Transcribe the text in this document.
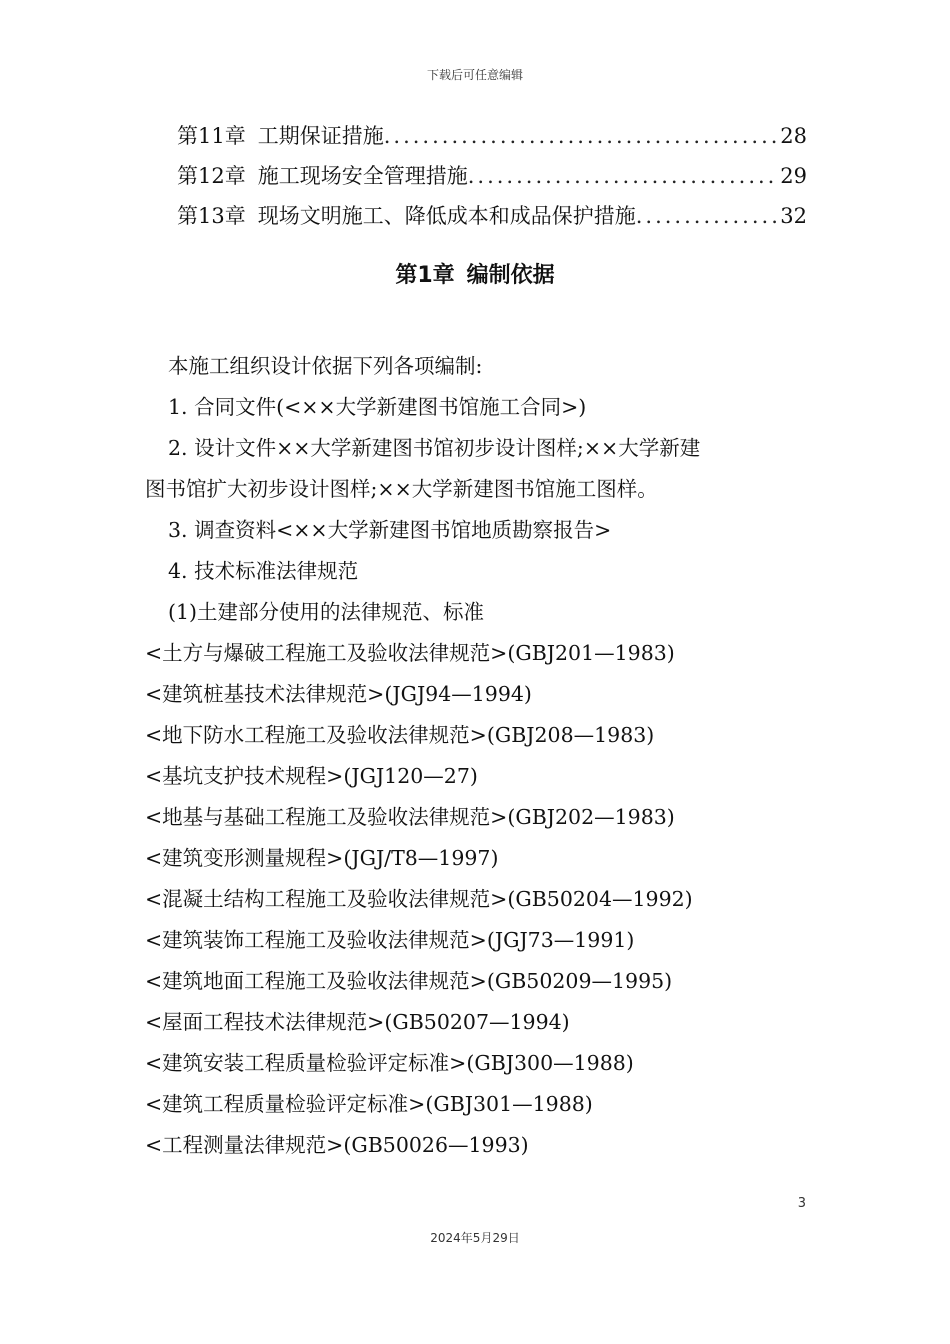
下载后可任意编辑
第11章 工期保证措施 .....	28
第12章 施工现场安全管理措施 .....	29
第13章 现场文明施工、降低成本和成品保护措施 .....	32
第1章 编制依据
本施工组织设计依据下列各项编制:
1. 合同文件(<××大学新建图书馆施工合同>)
2. 设计文件××大学新建图书馆初步设计图样;××大学新建
图书馆扩大初步设计图样;××大学新建图书馆施工图样。
3. 调查资料<××大学新建图书馆地质勘察报告>
4. 技术标准法律规范
(1)土建部分使用的法律规范、标准
<土方与爆破工程施工及验收法律规范>(GBJ201—1983)
<建筑桩基技术法律规范>(JGJ94—1994)
<地下防水工程施工及验收法律规范>(GBJ208—1983)
<基坑支护技术规程>(JGJ120—27)
<地基与基础工程施工及验收法律规范>(GBJ202—1983)
<建筑变形测量规程>(JGJ/T8—1997)
<混凝土结构工程施工及验收法律规范>(GB50204—1992)
<建筑装饰工程施工及验收法律规范>(JGJ73—1991)
<建筑地面工程施工及验收法律规范>(GB50209—1995)
<屋面工程技术法律规范>(GB50207—1994)
<建筑安装工程质量检验评定标准>(GBJ300—1988)
<建筑工程质量检验评定标准>(GBJ301—1988)
<工程测量法律规范>(GB50026—1993)
3
2024年5月29日
